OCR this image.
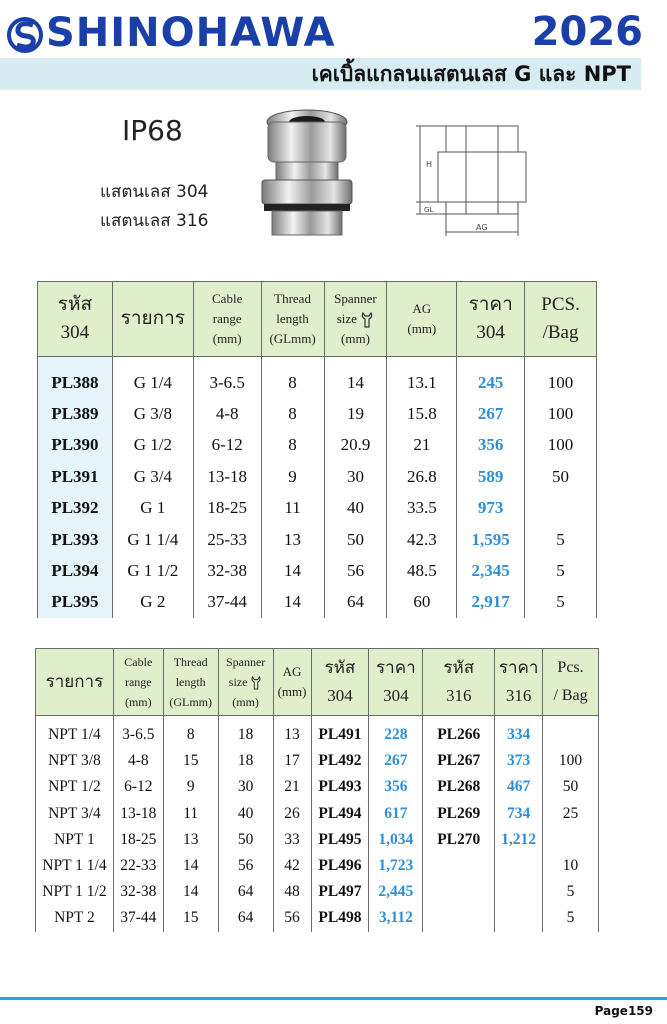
SHINOHAWA	2026
เคเบิ้ลแกลนแสตนเลส G และ NPT
IP68
แสตนเลส 304
แสตนเลส 316
H
GL
AG
รหัส
304	รายการ	Cable
range
(mm)	Thread
length
(GLmm)	Spanner
size
(mm)	AG
(mm)	ราคา
304	PCS.
/Bag
PL388	G 1/4	3-6.5	8	14	13.1	245	100
PL389	G 3/8	4-8	8	19	15.8	267	100
PL390	G 1/2	6-12	8	20.9	21	356	100
PL391	G 3/4	13-18	9	30	26.8	589	50
PL392	G 1	18-25	11	40	33.5	973	
PL393	G 1 1/4	25-33	13	50	42.3	1,595	5
PL394	G 1 1/2	32-38	14	56	48.5	2,345	5
PL395	G 2	37-44	14	64	60	2,917	5
รายการ	Cable
range
(mm)	Thread
length
(GLmm)	Spanner
size
(mm)	AG
(mm)	รหัส
304	ราคา
304	รหัส
316	ราคา
316	Pcs.
/ Bag
NPT 1/4	3-6.5	8	18	13	PL491	228	PL266	334	
NPT 3/8	4-8	15	18	17	PL492	267	PL267	373	100
NPT 1/2	6-12	9	30	21	PL493	356	PL268	467	50
NPT 3/4	13-18	11	40	26	PL494	617	PL269	734	25
NPT 1	18-25	13	50	33	PL495	1,034	PL270	1,212	
NPT 1 1/4	22-33	14	56	42	PL496	1,723			10
NPT 1 1/2	32-38	14	64	48	PL497	2,445			5
NPT 2	37-44	15	64	56	PL498	3,112			5
Page159
